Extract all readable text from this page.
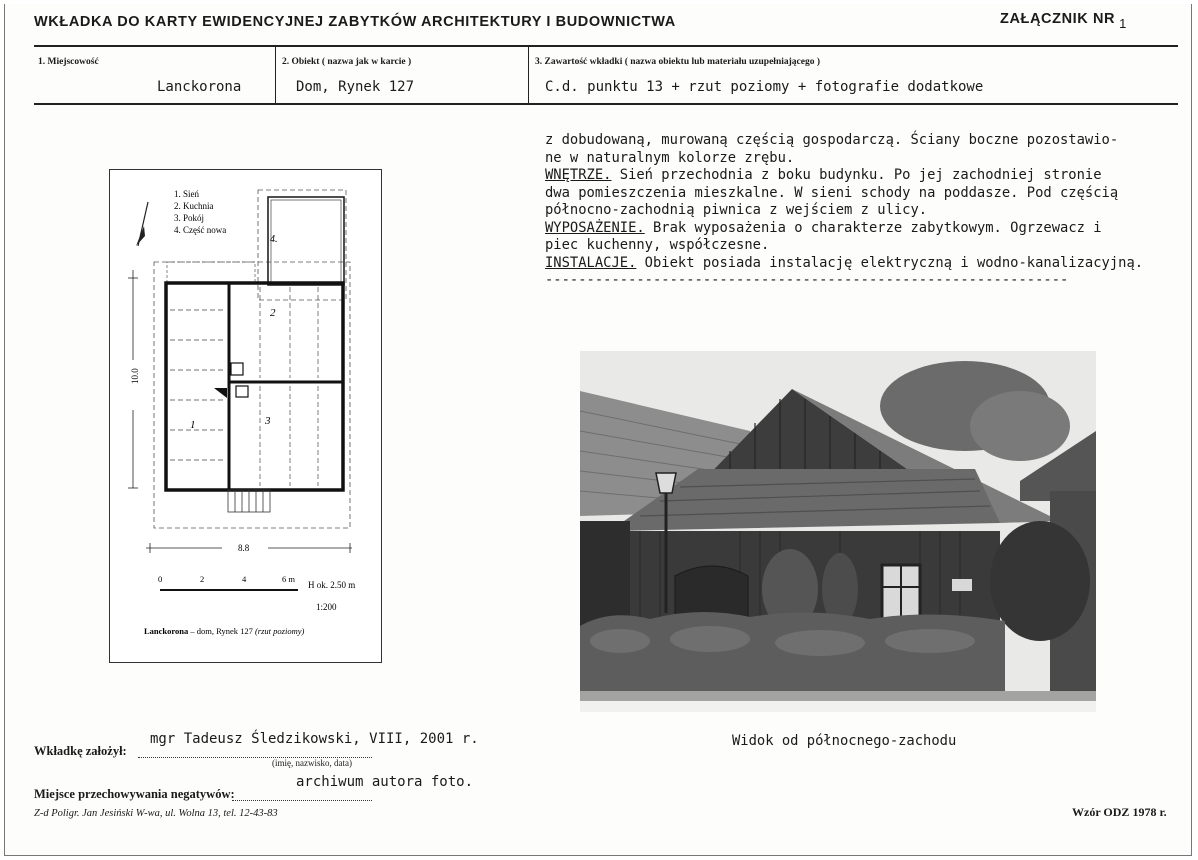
WKŁADKA DO KARTY EWIDENCYJNEJ ZABYTKÓW ARCHITEKTURY I BUDOWNICTWA	ZAŁĄCZNIK NR 1
1. Miejscowość
Lanckorona
2. Obiekt ( nazwa jak w karcie )
Dom, Rynek 127
3. Zawartość wkładki ( nazwa obiektu lub materiału uzupełniającego )
C.d. punktu 13 + rzut poziomy + fotografie dodatkowe
z dobudowaną, murowaną częścią gospodarczą. Ściany boczne pozostawio-
ne w naturalnym kolorze zrębu.
WNĘTRZE. Sień przechodnia z boku budynku. Po jej zachodniej stronie
dwa pomieszczenia mieszkalne. W sieni schody na poddasze. Pod częścią
północno-zachodnią piwnica z wejściem z ulicy.
WYPOSAŻENIE. Brak wyposażenia o charakterze zabytkowym. Ogrzewacz i
piec kuchenny, współczesne.
INSTALACJE. Obiekt posiada instalację elektryczną i wodno-kanalizacyjną.
---------------------------------------------------------------
1. Sień
2. Kuchnia
3. Pokój
4. Część nowa
4.
2
1	3
10.0
8.8
0	2	4	6 m
H ok. 2.50 m
1:200
Lanckorona – dom, Rynek 127 (rzut poziomy)
Widok od północnego-zachodu
mgr Tadeusz Śledzikowski, VIII, 2001 r.
Wkładkę założył:
(imię, nazwisko, data)
archiwum autora foto.
Miejsce przechowywania negatywów:
Z-d Poligr. Jan Jesiński W-wa, ul. Wolna 13, tel. 12-43-83	Wzór ODZ 1978 r.
